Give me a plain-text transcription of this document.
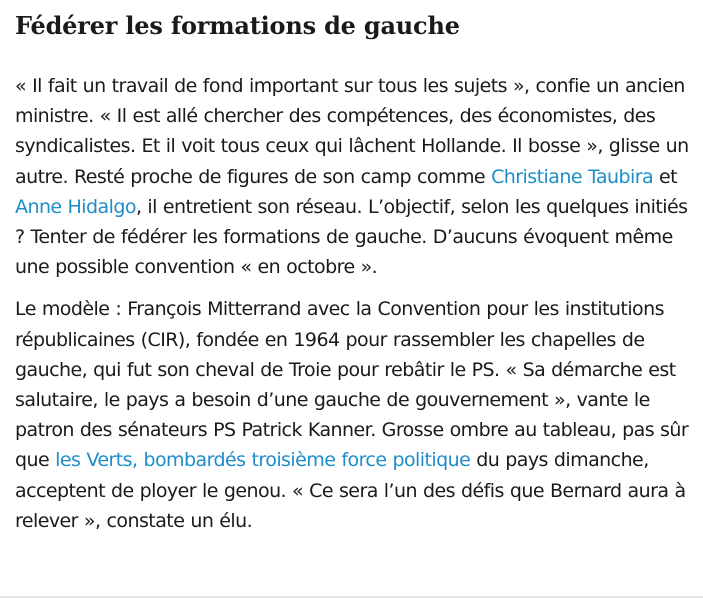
Fédérer les formations de gauche

« Il fait un travail de fond important sur tous les sujets », confie un ancien ministre. « Il est allé chercher des compétences, des économistes, des syndicalistes. Et il voit tous ceux qui lâchent Hollande. Il bosse », glisse un autre. Resté proche de figures de son camp comme Christiane Taubira et Anne Hidalgo, il entretient son réseau. L’objectif, selon les quelques initiés ? Tenter de fédérer les formations de gauche. D’aucuns évoquent même une possible convention « en octobre ».

Le modèle : François Mitterrand avec la Convention pour les institutions républicaines (CIR), fondée en 1964 pour rassembler les chapelles de gauche, qui fut son cheval de Troie pour rebâtir le PS. « Sa démarche est salutaire, le pays a besoin d’une gauche de gouvernement », vante le patron des sénateurs PS Patrick Kanner. Grosse ombre au tableau, pas sûr que les Verts, bombardés troisième force politique du pays dimanche, acceptent de ployer le genou. « Ce sera l’un des défis que Bernard aura à relever », constate un élu.
